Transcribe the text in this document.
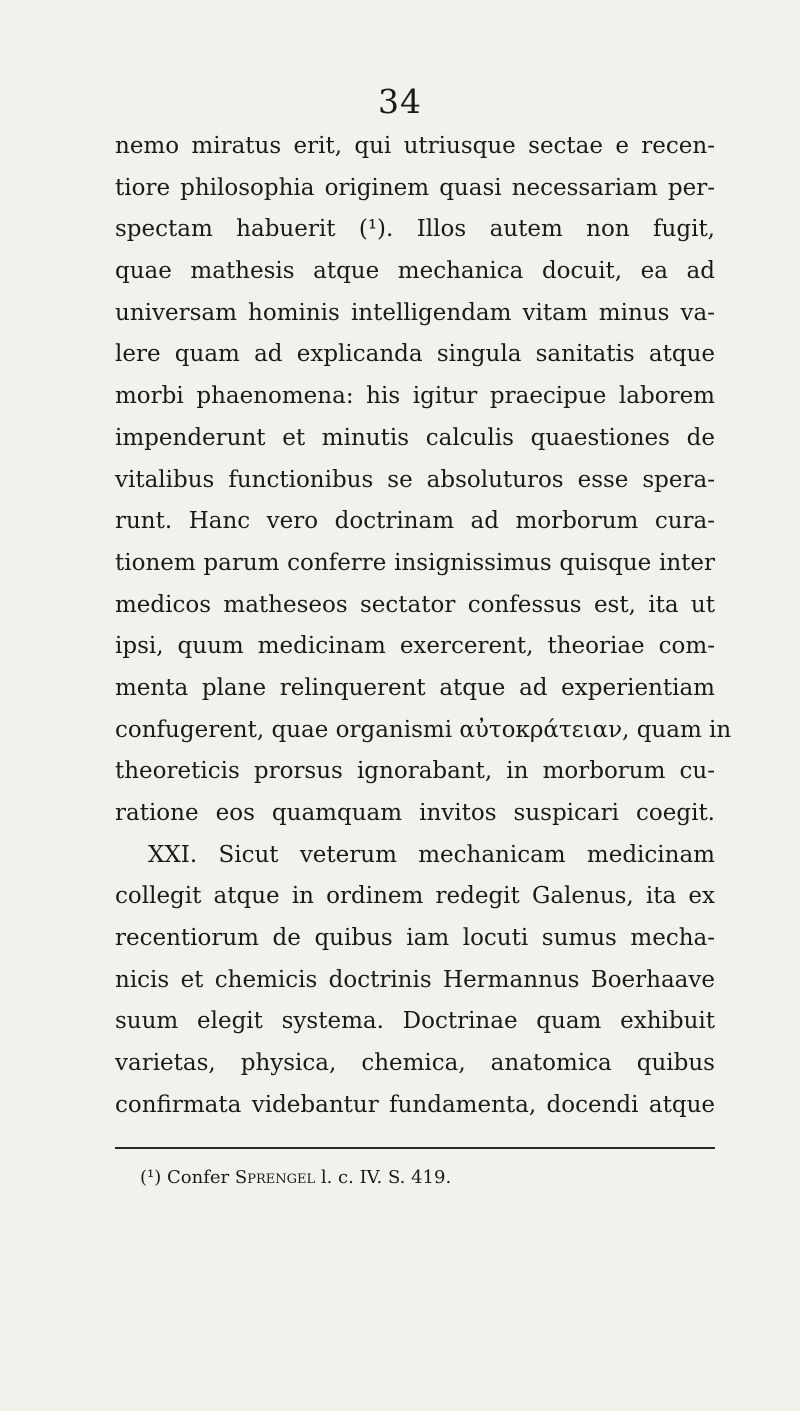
34
nemo miratus erit, qui utriusque sectae e recen-
tiore philosophia originem quasi necessariam per-
spectam habuerit (¹). Illos autem non fugit,
quae mathesis atque mechanica docuit, ea ad
universam hominis intelligendam vitam minus va-
lere quam ad explicanda singula sanitatis atque
morbi phaenomena: his igitur praecipue laborem
impenderunt et minutis calculis quaestiones de
vitalibus functionibus se absoluturos esse spera-
runt. Hanc vero doctrinam ad morborum cura-
tionem parum conferre insignissimus quisque inter
medicos matheseos sectator confessus est, ita ut
ipsi, quum medicinam exercerent, theoriae com-
menta plane relinquerent atque ad experientiam
confugerent, quae organismi αὐτοκράτειαν, quam in
theoreticis prorsus ignorabant, in morborum cu-
ratione eos quamquam invitos suspicari coegit.
XXI. Sicut veterum mechanicam medicinam
collegit atque in ordinem redegit Galenus, ita ex
recentiorum de quibus iam locuti sumus mecha-
nicis et chemicis doctrinis Hermannus Boerhaave
suum elegit systema. Doctrinae quam exhibuit
varietas, physica, chemica, anatomica quibus
confirmata videbantur fundamenta, docendi atque
(¹) Confer Sprengel l. c. IV. S. 419.
